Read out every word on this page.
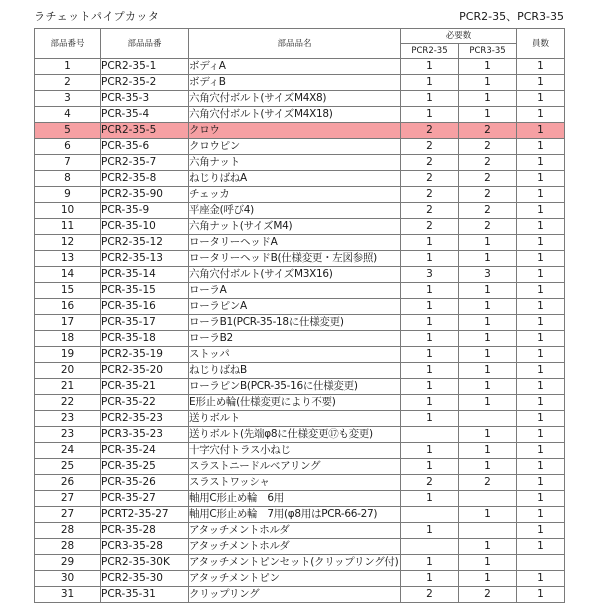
ラチェットパイプカッタ	PCR2-35、PCR3-35
部品番号	部品品番	部品品名	必要数		員数
			PCR2-35	PCR3-35	
1	PCR2-35-1	ボディA	1	1	1
2	PCR2-35-2	ボディB	1	1	1
3	PCR-35-3	六角穴付ボルト(サイズM4X8)	1	1	1
4	PCR-35-4	六角穴付ボルト(サイズM4X18)	1	1	1
5	PCR2-35-5	クロウ	2	2	1
6	PCR-35-6	クロウピン	2	2	1
7	PCR2-35-7	六角ナット	2	2	1
8	PCR2-35-8	ねじりばねA	2	2	1
9	PCR2-35-90	チェッカ	2	2	1
10	PCR-35-9	平座金(呼び4)	2	2	1
11	PCR-35-10	六角ナット(サイズM4)	2	2	1
12	PCR2-35-12	ロータリーヘッドA	1	1	1
13	PCR2-35-13	ロータリーヘッドB(仕様変更・左図参照)	1	1	1
14	PCR-35-14	六角穴付ボルト(サイズM3X16)	3	3	1
15	PCR-35-15	ローラA	1	1	1
16	PCR-35-16	ローラピンA	1	1	1
17	PCR-35-17	ローラB1(PCR-35-18に仕様変更)	1	1	1
18	PCR-35-18	ローラB2	1	1	1
19	PCR2-35-19	ストッパ	1	1	1
20	PCR2-35-20	ねじりばねB	1	1	1
21	PCR-35-21	ローラピンB(PCR-35-16に仕様変更)	1	1	1
22	PCR-35-22	E形止め輪(仕様変更により不要)	1	1	1
23	PCR2-35-23	送りボルト	1		1
23	PCR3-35-23	送りボルト(先端φ8に仕様変更⑰も変更)		1	1
24	PCR-35-24	十字穴付トラス小ねじ	1	1	1
25	PCR-35-25	スラストニードルベアリング	1	1	1
26	PCR-35-26	スラストワッシャ	2	2	1
27	PCR-35-27	軸用C形止め輪　6用	1		1
27	PCRT2-35-27	軸用C形止め輪　7用(φ8用はPCR-66-27)		1	1
28	PCR-35-28	アタッチメントホルダ	1		1
28	PCR3-35-28	アタッチメントホルダ		1	1
29	PCR2-35-30K	アタッチメントピンセット(クリップリング付)	1	1	
30	PCR2-35-30	アタッチメントピン	1	1	1
31	PCR-35-31	クリップリング	2	2	1
